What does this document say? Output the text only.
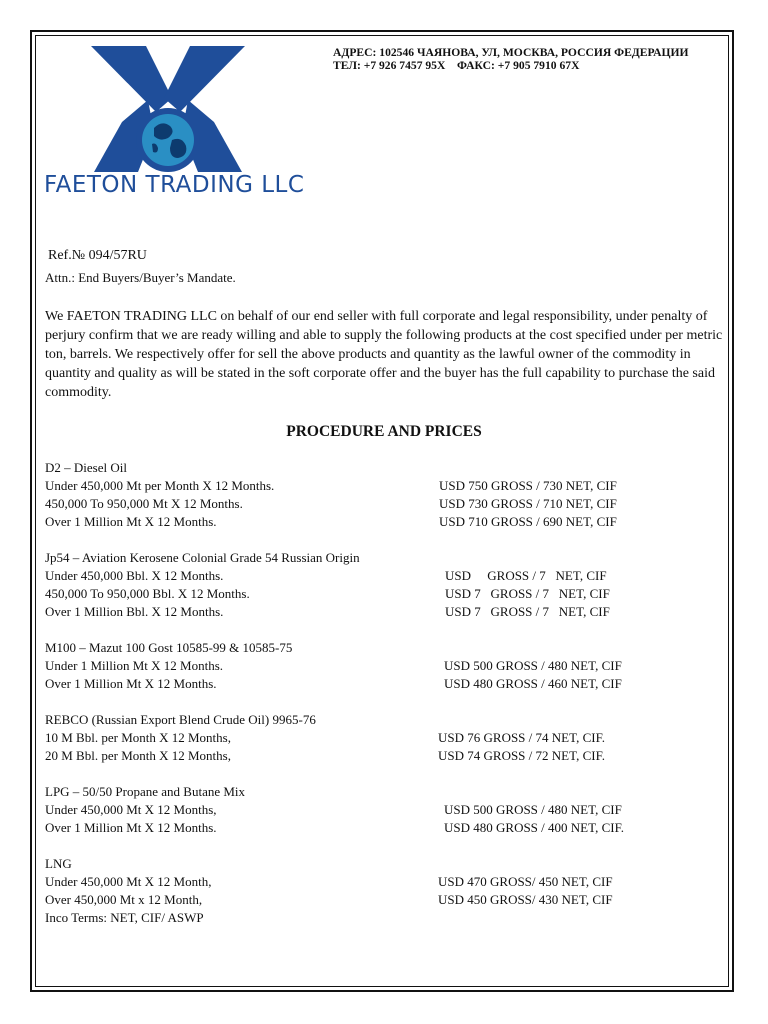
FAETON TRADING LLC
АДРЕС: 102546 ЧАЯНОВА, УЛ, МОСКВА, РОССИЯ ФЕДЕРАЦИИ
ТЕЛ: +7 926 7457 95X    ФАКС: +7 905 7910 67X
Ref.№ 094/57RU
Attn.: End Buyers/Buyer’s Mandate.
We FAETON TRADING LLC on behalf of our end seller with full corporate and legal responsibility, under penalty of perjury confirm that we are ready willing and able to supply the following products at the cost specified under per metric ton, barrels. We respectively offer for sell the above products and quantity as the lawful owner of the commodity in quantity and quality as will be stated in the soft corporate offer and the buyer has the full capability to purchase the said commodity.
PROCEDURE AND PRICES
D2 – Diesel Oil
Under 450,000 Mt per Month X 12 Months.	USD 750 GROSS / 730 NET, CIF
450,000 To 950,000 Mt X 12 Months.	USD 730 GROSS / 710 NET, CIF
Over 1 Million Mt X 12 Months.	USD 710 GROSS / 690 NET, CIF
Jp54 – Aviation Kerosene Colonial Grade 54 Russian Origin
Under 450,000 Bbl. X 12 Months.	USD     GROSS / 7   NET, CIF
450,000 To 950,000 Bbl. X 12 Months.	USD 7   GROSS / 7   NET, CIF
Over 1 Million Bbl. X 12 Months.	USD 7   GROSS / 7   NET, CIF
M100 – Mazut 100 Gost 10585-99 & 10585-75
Under 1 Million Mt X 12 Months.	USD 500 GROSS / 480 NET, CIF
Over 1 Million Mt X 12 Months.	USD 480 GROSS / 460 NET, CIF
REBCO (Russian Export Blend Crude Oil) 9965-76
10 M Bbl. per Month X 12 Months,	USD 76 GROSS / 74 NET, CIF.
20 M Bbl. per Month X 12 Months,	USD 74 GROSS / 72 NET, CIF.
LPG – 50/50 Propane and Butane Mix
Under 450,000 Mt X 12 Months,	USD 500 GROSS / 480 NET, CIF
Over 1 Million Mt X 12 Months.	USD 480 GROSS / 400 NET, CIF.
LNG
Under 450,000 Mt X 12 Month,	USD 470 GROSS/ 450 NET, CIF
Over 450,000 Mt x 12 Month,	USD 450 GROSS/ 430 NET, CIF
Inco Terms: NET, CIF/ ASWP
